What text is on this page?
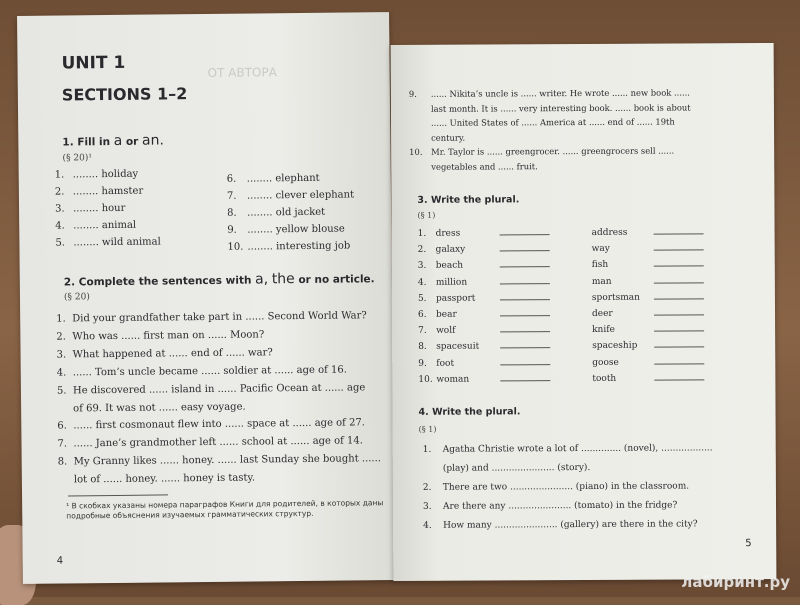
ОТ АВТОРА
UNIT 1
SECTIONS 1–2
1. Fill in a or an.
(§ 20)¹
1. ........ holiday
2. ........ hamster
3. ........ hour
4. ........ animal
5. ........ wild animal
6. ........ elephant
7. ........ clever elephant
8. ........ old jacket
9. ........ yellow blouse
10. ........ interesting job
2. Complete the sentences with a, the or no article.
(§ 20)
1. Did your grandfather take part in ...... Second World War?
2. Who was ...... first man on ...... Moon?
3. What happened at ...... end of ...... war?
4. ...... Tom’s uncle became ...... soldier at ...... age of 16.
5. He discovered ...... island in ...... Pacific Ocean at ...... age
of 69. It was not ...... easy voyage.
6. ...... first cosmonaut flew into ...... space at ...... age of 27.
7. ...... Jane’s grandmother left ...... school at ...... age of 14.
8. My Granny likes ...... honey. ...... last Sunday she bought ......
lot of ...... honey. ...... honey is tasty.
¹ В скобках указаны номера параграфов Книги для родителей, в которых даны подробные объяснения изучаемых грамматических структур.
4
9. ...... Nikita’s uncle is ...... writer. He wrote ...... new book ......
last month. It is ...... very interesting book. ...... book is about
...... United States of ...... America at ...... end of ...... 19th
century.
10. Mr. Taylor is ...... greengrocer. ...... greengrocers sell ......
vegetables and ...... fruit.
3. Write the plural.
(§ 1)
1. dress
2. galaxy
3. beach
4. million
5. passport
6. bear
7. wolf
8. spacesuit
9. foot
10. woman
address
way
fish
man
sportsman
deer
knife
spaceship
goose
tooth
4. Write the plural.
(§ 1)
1. Agatha Christie wrote a lot of .............. (novel), ..................
(play) and ...................... (story).
2. There are two ...................... (piano) in the classroom.
3. Are there any ...................... (tomato) in the fridge?
4. How many ...................... (gallery) are there in the city?
5
лабиринт.ру
